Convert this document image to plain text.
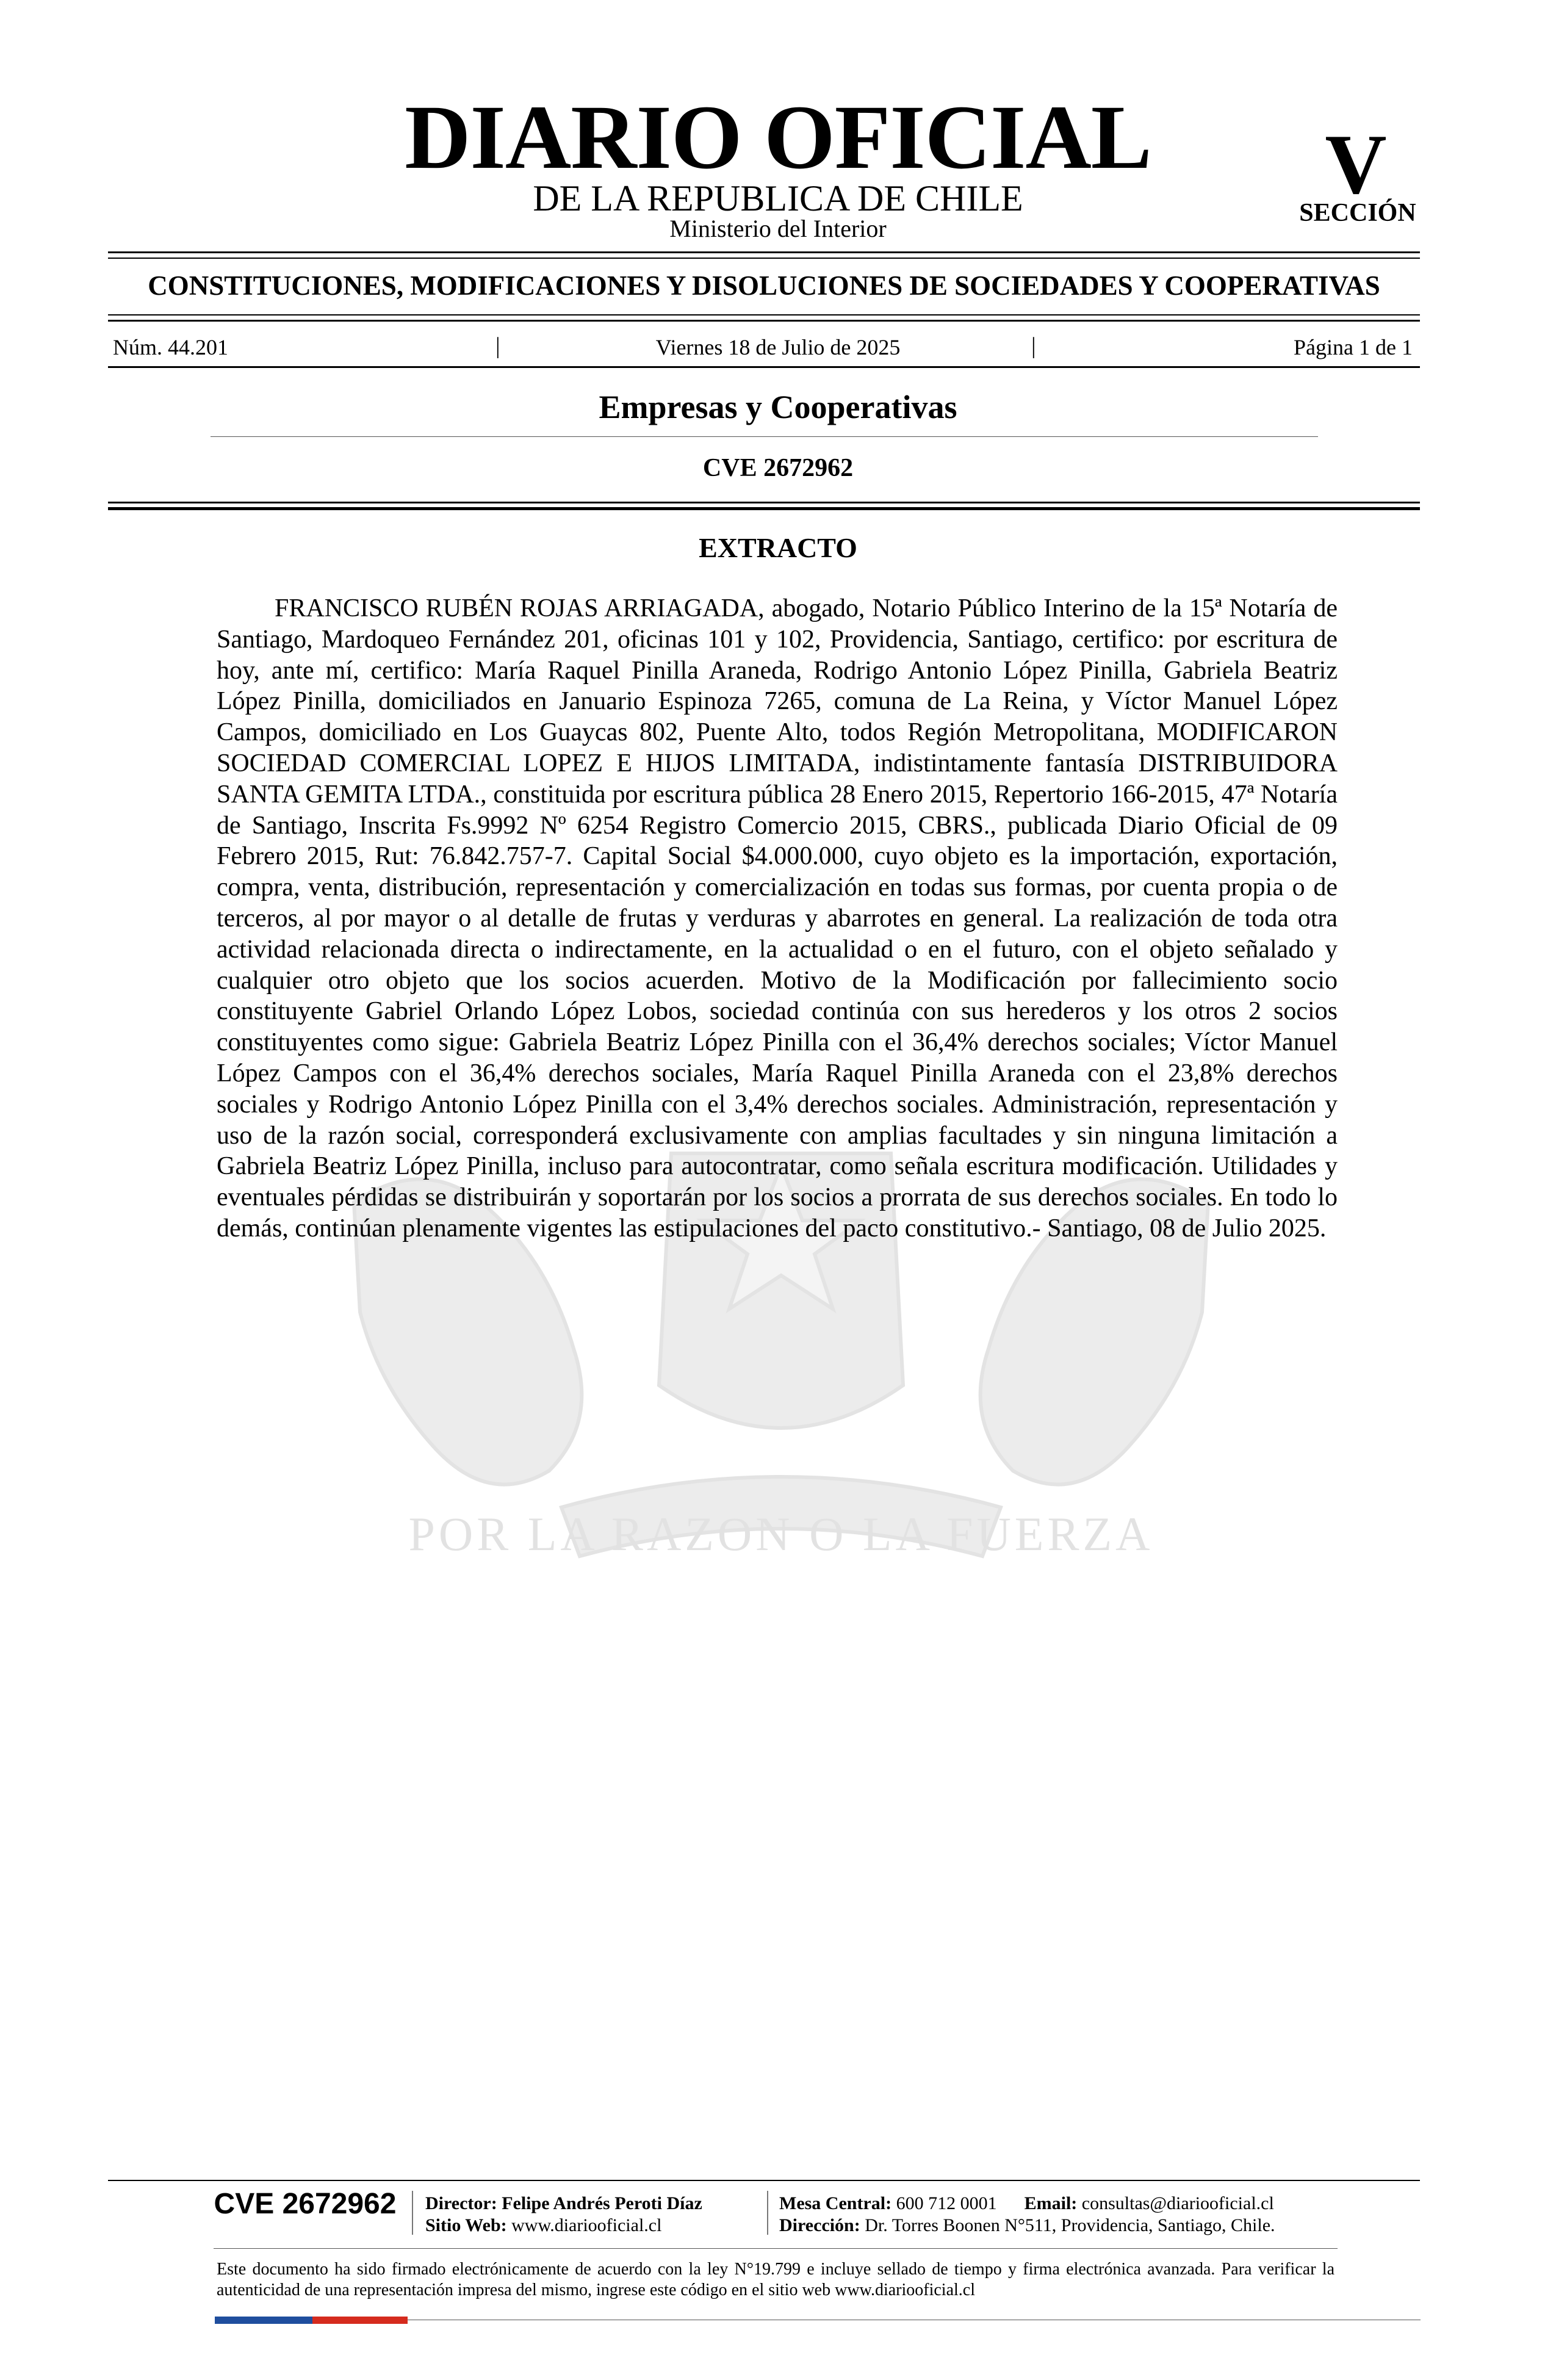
DIARIO OFICIAL
DE LA REPUBLICA DE CHILE
Ministerio del Interior
V
SECCIÓN
CONSTITUCIONES, MODIFICACIONES Y DISOLUCIONES DE SOCIEDADES Y COOPERATIVAS
Núm. 44.201	|	Viernes 18 de Julio de 2025	|	Página 1 de 1
Empresas y Cooperativas
CVE 2672962
POR LA RAZON O LA FUERZA
EXTRACTO

FRANCISCO RUBÉN ROJAS ARRIAGADA, abogado, Notario Público Interino de la 15ª Notaría de Santiago, Mardoqueo Fernández 201, oficinas 101 y 102, Providencia, Santiago, certifico: por escritura de hoy, ante mí, certifico: María Raquel Pinilla Araneda, Rodrigo Antonio López Pinilla, Gabriela Beatriz López Pinilla, domiciliados en Januario Espinoza 7265, comuna de La Reina, y Víctor Manuel López Campos, domiciliado en Los Guaycas 802, Puente Alto, todos Región Metropolitana, MODIFICARON SOCIEDAD COMERCIAL LOPEZ E HIJOS LIMITADA, indistintamente fantasía DISTRIBUIDORA SANTA GEMITA LTDA., constituida por escritura pública 28 Enero 2015, Repertorio 166-2015, 47ª Notaría de Santiago, Inscrita Fs.9992 Nº 6254 Registro Comercio 2015, CBRS., publicada Diario Oficial de 09 Febrero 2015, Rut: 76.842.757-7. Capital Social $4.000.000, cuyo objeto es la importación, exportación, compra, venta, distribución, representación y comercialización en todas sus formas, por cuenta propia o de terceros, al por mayor o al detalle de frutas y verduras y abarrotes en general. La realización de toda otra actividad relacionada directa o indirectamente, en la actualidad o en el futuro, con el objeto señalado y cualquier otro objeto que los socios acuerden. Motivo de la Modificación por fallecimiento socio constituyente Gabriel Orlando López Lobos, sociedad continúa con sus herederos y los otros 2 socios constituyentes como sigue: Gabriela Beatriz López Pinilla con el 36,4% derechos sociales; Víctor Manuel López Campos con el 36,4% derechos sociales, María Raquel Pinilla Araneda con el 23,8% derechos sociales y Rodrigo Antonio López Pinilla con el 3,4% derechos sociales. Administración, representación y uso de la razón social, corresponderá exclusivamente con amplias facultades y sin ninguna limitación a Gabriela Beatriz López Pinilla, incluso para autocontratar, como señala escritura modificación. Utilidades y eventuales pérdidas se distribuirán y soportarán por los socios a prorrata de sus derechos sociales. En todo lo demás, continúan plenamente vigentes las estipulaciones del pacto constitutivo.- Santiago, 08 de Julio 2025.

CVE 2672962	Director: Felipe Andrés Peroti Díaz
Sitio Web: www.diariooficial.cl
Mesa Central: 600 712 0001 Email: consultas@diariooficial.cl
Dirección: Dr. Torres Boonen N°511, Providencia, Santiago, Chile.

Este documento ha sido firmado electrónicamente de acuerdo con la ley N°19.799 e incluye sellado de tiempo y firma electrónica avanzada. Para verificar la autenticidad de una representación impresa del mismo, ingrese este código en el sitio web www.diariooficial.cl
